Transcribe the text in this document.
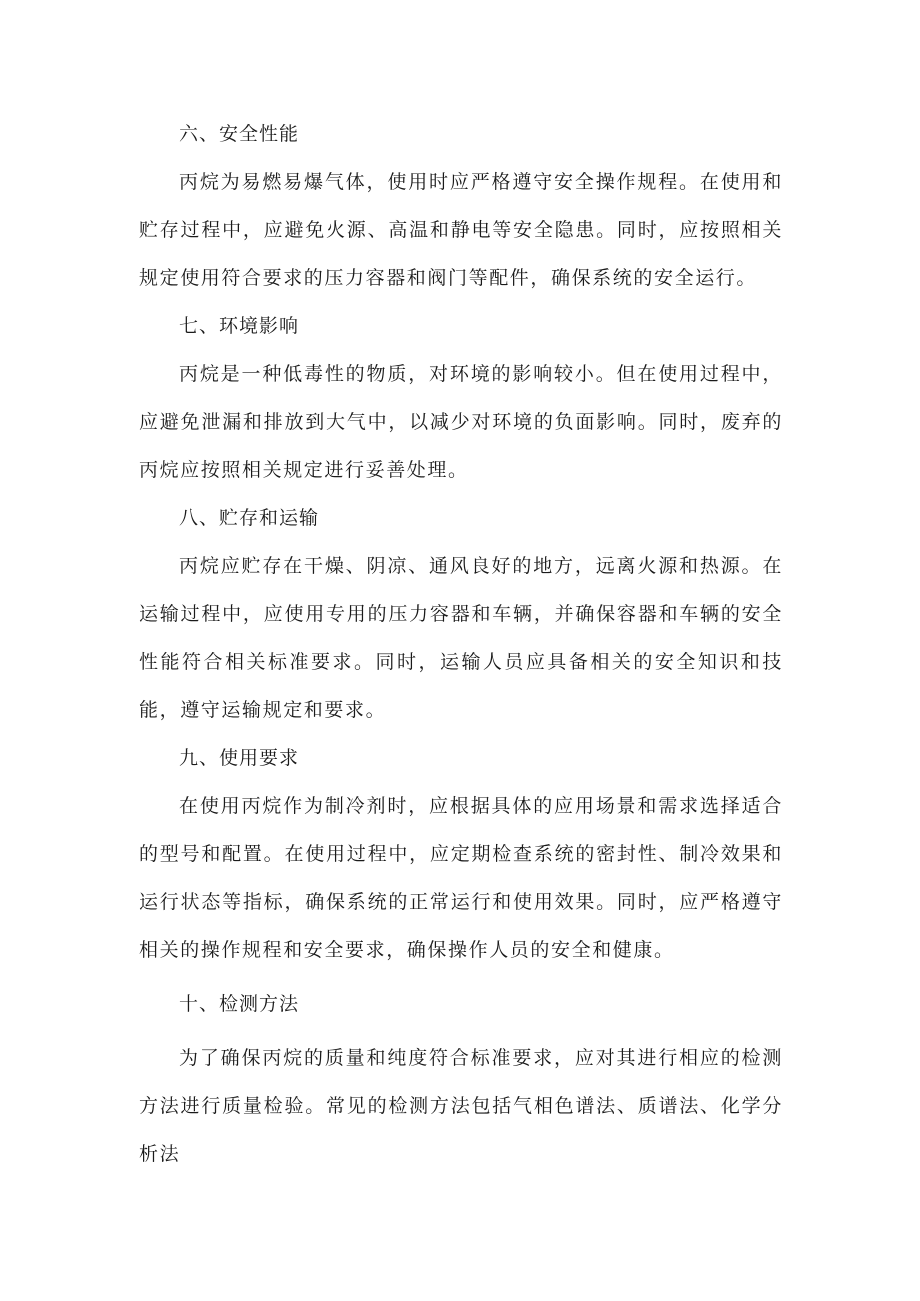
六、安全性能

丙烷为易燃易爆气体，使用时应严格遵守安全操作规程。在使用和贮存过程中，应避免火源、高温和静电等安全隐患。同时，应按照相关规定使用符合要求的压力容器和阀门等配件，确保系统的安全运行。

七、环境影响

丙烷是一种低毒性的物质，对环境的影响较小。但在使用过程中，应避免泄漏和排放到大气中，以减少对环境的负面影响。同时，废弃的丙烷应按照相关规定进行妥善处理。

八、贮存和运输

丙烷应贮存在干燥、阴凉、通风良好的地方，远离火源和热源。在运输过程中，应使用专用的压力容器和车辆，并确保容器和车辆的安全性能符合相关标准要求。同时，运输人员应具备相关的安全知识和技能，遵守运输规定和要求。

九、使用要求

在使用丙烷作为制冷剂时，应根据具体的应用场景和需求选择适合的型号和配置。在使用过程中，应定期检查系统的密封性、制冷效果和运行状态等指标，确保系统的正常运行和使用效果。同时，应严格遵守相关的操作规程和安全要求，确保操作人员的安全和健康。

十、检测方法

为了确保丙烷的质量和纯度符合标准要求，应对其进行相应的检测方法进行质量检验。常见的检测方法包括气相色谱法、质谱法、化学分析法
